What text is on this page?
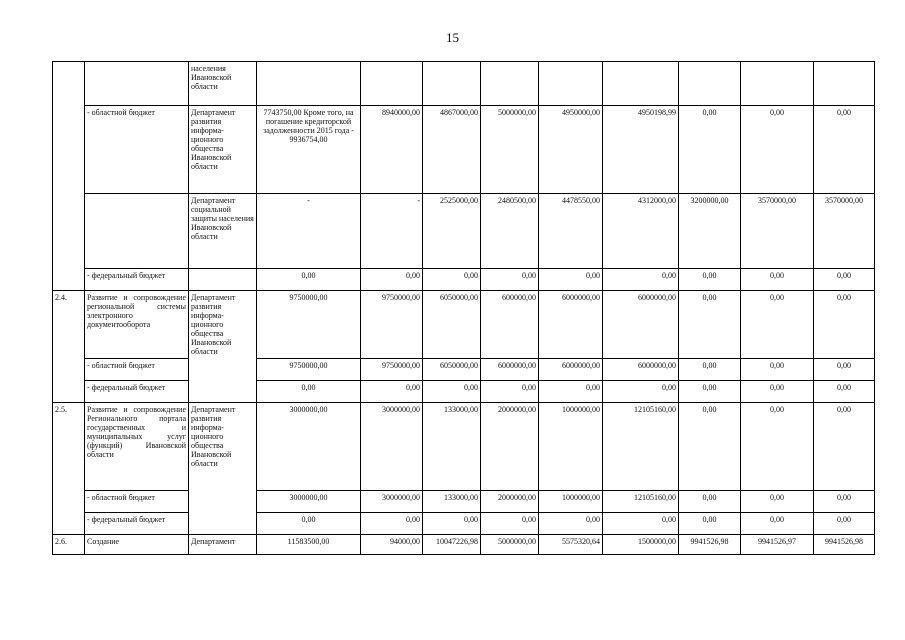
15
		населения Ивановской области									
	- областной бюджет	Департамент развития информа-ционного общества Ивановской области	7743750,00 Кроме того, на погашение кредиторской задолженности 2015 года - 9936754,00	8940000,00	4867000,00	5000000,00	4950000,00	4950198,99	0,00	0,00	0,00
		Департамент социальной защиты населения Ивановской области	-	-	2525000,00	2480500,00	4478550,00	4312000,00	3200000,00	3570000,00	3570000,00
	- федеральный бюджет		0,00	0,00	0,00	0,00	0,00	0,00	0,00	0,00	0,00
2.4.	Развитие и сопровождение региональной системы электронного документооборота	Департамент развития информа-ционного общества Ивановской области	9750000,00	9750000,00	6050000,00	600000,00	6000000,00	6000000,00	0,00	0,00	0,00
	- областной бюджет		9750000,00	9750000,00	6050000,00	6000000,00	6000000,00	6000000,00	0,00	0,00	0,00
	- федеральный бюджет		0,00	0,00	0,00	0,00	0,00	0,00	0,00	0,00	0,00
2.5.	Развитие и сопровождение Регионального портала государственных и муниципальных услуг (функций) Ивановской области	Департамент развития информа-ционного общества Ивановской области	3000000,00	3000000,00	133000,00	2000000,00	1000000,00	12105160,00	0,00	0,00	0,00
	- областной бюджет		3000000,00	3000000,00	133000,00	2000000,00	1000000,00	12105160,00	0,00	0,00	0,00
	- федеральный бюджет		0,00	0,00	0,00	0,00	0,00	0,00	0,00	0,00	0,00
2.6.	Создание	Департамент	11583500,00	94000,00	10047226,98	5000000,00	5575320,64	1500000,00	9941526,98	9941526,97	9941526,98
